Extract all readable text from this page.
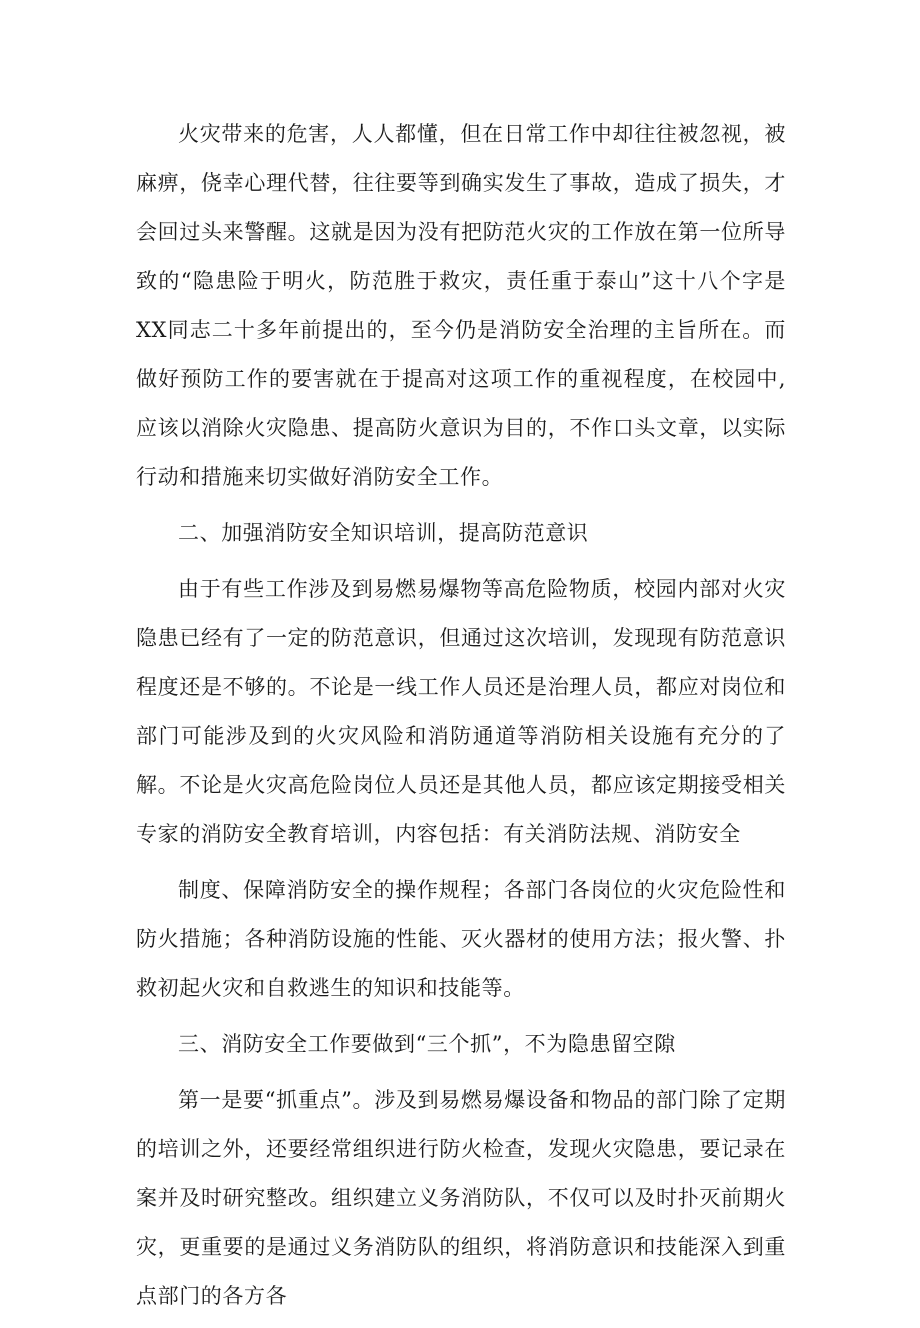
火灾带来的危害，人人都懂，但在日常工作中却往往被忽视，被麻痹，侥幸心理代替，往往要等到确实发生了事故，造成了损失，才会回过头来警醒。这就是因为没有把防范火灾的工作放在第一位所导致的“隐患险于明火，防范胜于救灾，责任重于泰山”这十八个字是XX同志二十多年前提出的，至今仍是消防安全治理的主旨所在。而做好预防工作的要害就在于提高对这项工作的重视程度，在校园中,应该以消除火灾隐患、提高防火意识为目的，不作口头文章，以实际行动和措施来切实做好消防安全工作。

二、加强消防安全知识培训，提高防范意识

由于有些工作涉及到易燃易爆物等高危险物质，校园内部对火灾隐患已经有了一定的防范意识，但通过这次培训，发现现有防范意识程度还是不够的。不论是一线工作人员还是治理人员，都应对岗位和部门可能涉及到的火灾风险和消防通道等消防相关设施有充分的了解。不论是火灾高危险岗位人员还是其他人员，都应该定期接受相关专家的消防安全教育培训，内容包括：有关消防法规、消防安全

制度、保障消防安全的操作规程；各部门各岗位的火灾危险性和防火措施；各种消防设施的性能、灭火器材的使用方法；报火警、扑救初起火灾和自救逃生的知识和技能等。

三、消防安全工作要做到“三个抓”，不为隐患留空隙

第一是要“抓重点”。涉及到易燃易爆设备和物品的部门除了定期的培训之外，还要经常组织进行防火检查，发现火灾隐患，要记录在案并及时研究整改。组织建立义务消防队，不仅可以及时扑灭前期火灾，更重要的是通过义务消防队的组织，将消防意识和技能深入到重点部门的各方各
